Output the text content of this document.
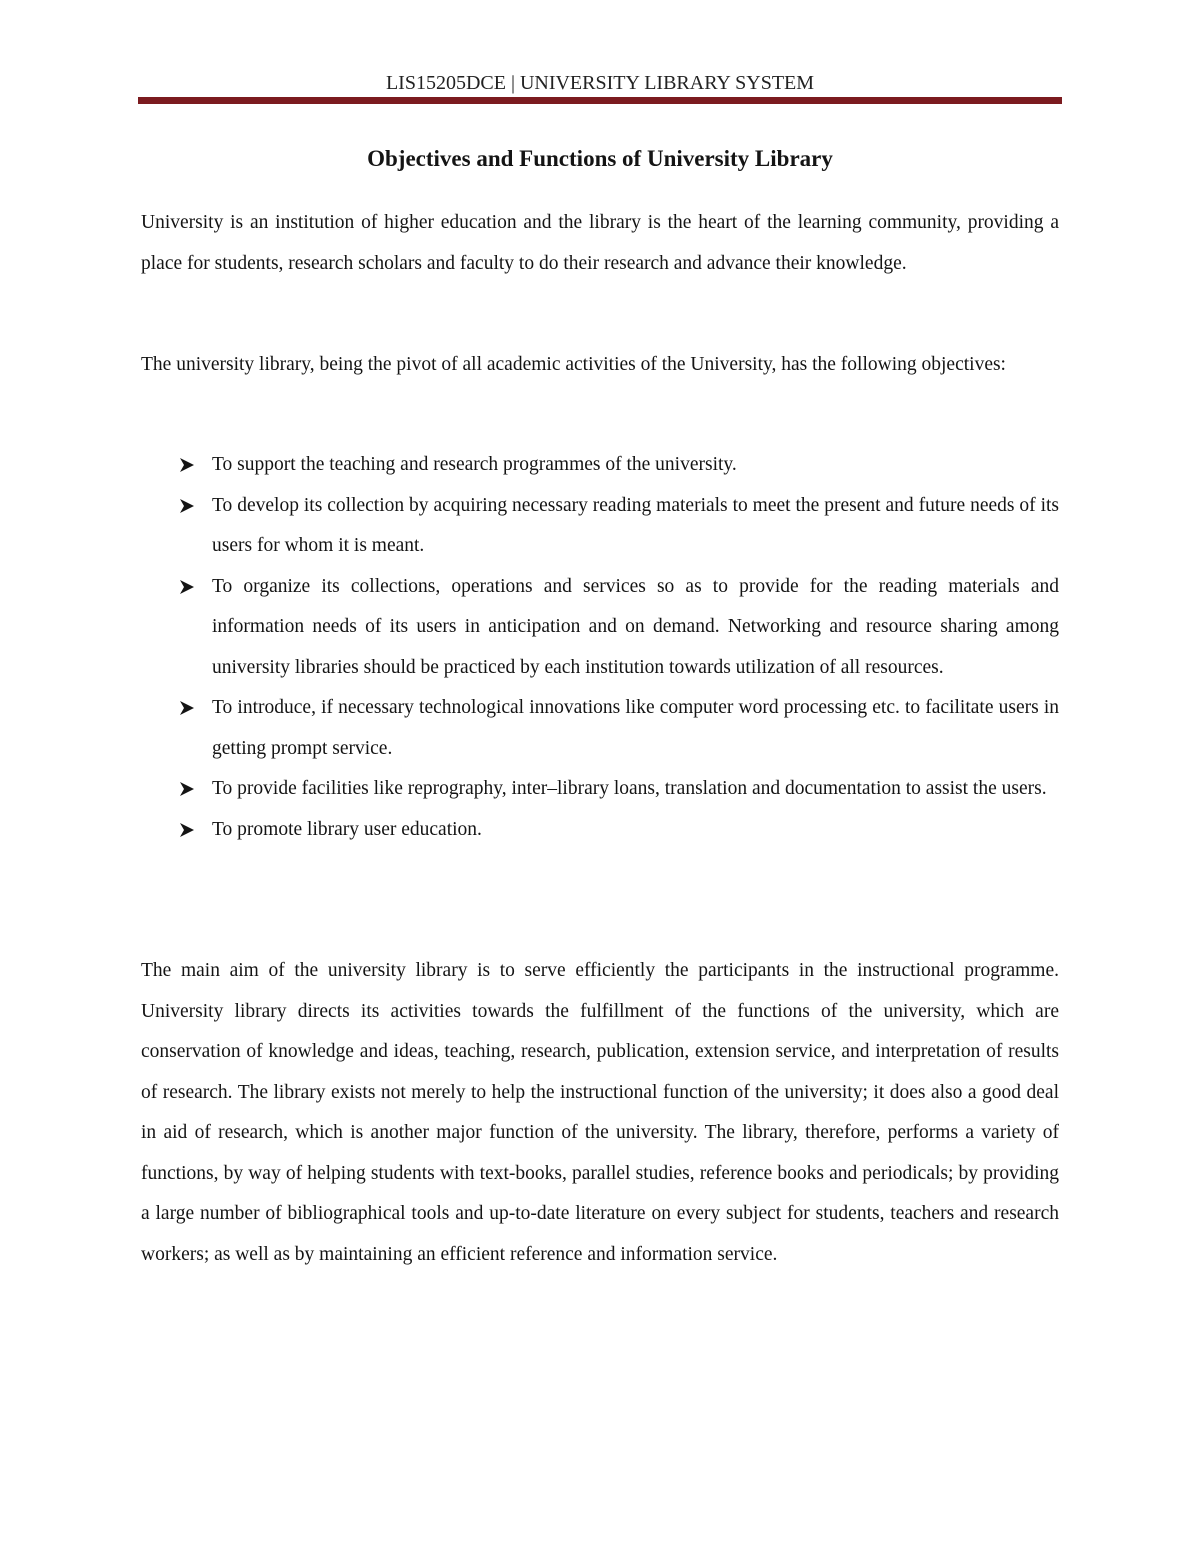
LIS15205DCE | UNIVERSITY LIBRARY SYSTEM
Objectives and Functions of University Library

University is an institution of higher education and the library is the heart of the learning community, providing a place for students, research scholars and faculty to do their research and advance their knowledge.

The university library, being the pivot of all academic activities of the University, has the following objectives:

To support the teaching and research programmes of the university.
To develop its collection by acquiring necessary reading materials to meet the present and future needs of its users for whom it is meant.
To organize its collections, operations and services so as to provide for the reading materials and information needs of its users in anticipation and on demand. Networking and resource sharing among university libraries should be practiced by each institution towards utilization of all resources.
To introduce, if necessary technological innovations like computer word processing etc. to facilitate users in getting prompt service.
To provide facilities like reprography, inter–library loans, translation and documentation to assist the users.
To promote library user education.

The main aim of the university library is to serve efficiently the participants in the instructional programme. University library directs its activities towards the fulfillment of the functions of the university, which are conservation of knowledge and ideas, teaching, research, publication, extension service, and interpretation of results of research. The library exists not merely to help the instructional function of the university; it does also a good deal in aid of research, which is another major function of the university. The library, therefore, performs a variety of functions, by way of helping students with text-books, parallel studies, reference books and periodicals; by providing a large number of bibliographical tools and up-to-date literature on every subject for students, teachers and research workers; as well as by maintaining an efficient reference and information service.
